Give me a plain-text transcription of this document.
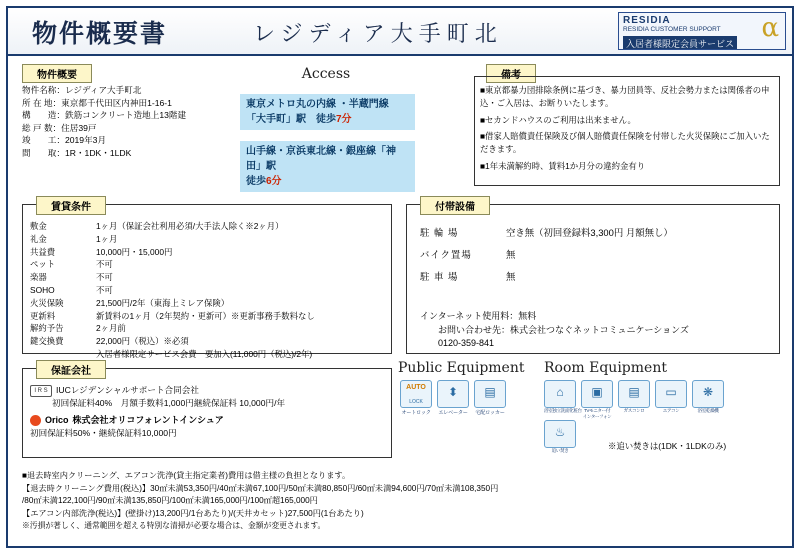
物件概要書	レジディア大手町北
RESIDIA
RESIDIA CUSTOMER SUPPORT
入居者様限定会員サービス
α
物件概要
物件名称：レジディア大手町北
所 在 地：東京都千代田区内神田1-16-1
構　　造：鉄筋コンクリート造地上13階建
総 戸 数：住居39戸
竣　　工：2019年3月
間　　取：1R・1DK・1LDK
Access
東京メトロ丸の内線 ・半蔵門線
「大手町」駅　徒歩7分
山手線・京浜東北線・銀座線「神田」駅
徒歩6分
備考
■東京都暴力団排除条例に基づき、暴力団員等、反社会勢力または関係者の申込・ご入居は、お断りいたします。
■セカンドハウスのご利用は出来ません。
■借家人賠償責任保険及び個人賠償責任保険を付帯した火災保険にご加入いただきます。
■1年未満解約時、賃料1か月分の違約金有り
賃貸条件
敷金	1ヶ月（保証会社利用必須/大手法人除く※2ヶ月）
礼金	1ヶ月
共益費	10,000円・15,000円
ペット	不可
楽器	不可
SOHO	不可
火災保険	21,500円/2年（東海上ミレア保険）
更新料	新賃料の1ヶ月（2年契約・更新可）※更新事務手数料なし
解約予告	2ヶ月前
鍵交換費	22,000円（税込）※必須
入居者様限定サービス会費　要加入(11,000円（税込)/2年)
付帯設備
駐 輪 場	空き無（初回登録料3,300円 月額無し）
バイク置場	無
駐 車 場	無
インターネット使用料：無料
　　お問い合わせ先：株式会社つなぐネットコミュニケーションズ
　　0120-359-841
保証会社
I R S IUCレジデンシャルサポート合同会社
初回保証料40%　月額手数料1,000円継続保証料 10,000円/年
Orico 株式会社オリコフォレントインシュア
初回保証料50%・継続保証料10,000円
Public Equipment Room Equipment
AUTO
LOCK
オートロック
⬍
エレベーター
▤
宅配ロッカー
⌂
浴室独立洗面化粧台
▣
TVモニター付
インターフォン
▤
ガスコンロ
▭
エアコン
❋
浴室乾燥機
♨
追い焚き	※追い焚きは(1DK・1LDKのみ)
■退去時室内クリーニング、エアコン洗浄(貸主指定業者)費用は借主様の負担となります。
【退去時クリーニング費用(税込)】30㎡未満53,350円/40㎡未満67,100円/50㎡未満80,850円/60㎡未満94,600円/70㎡未満108,350円
/80㎡未満122,100円/90㎡未満135,850円/100㎡未満165,000円/100㎡超165,000円
【エアコン内部洗浄(税込)】(壁掛け)13,200円/1台あたり)/(天井カセット)27,500円(1台あたり)
※汚損が著しく、通常範囲を超える特別な清掃が必要な場合は、金額が変更されます。
